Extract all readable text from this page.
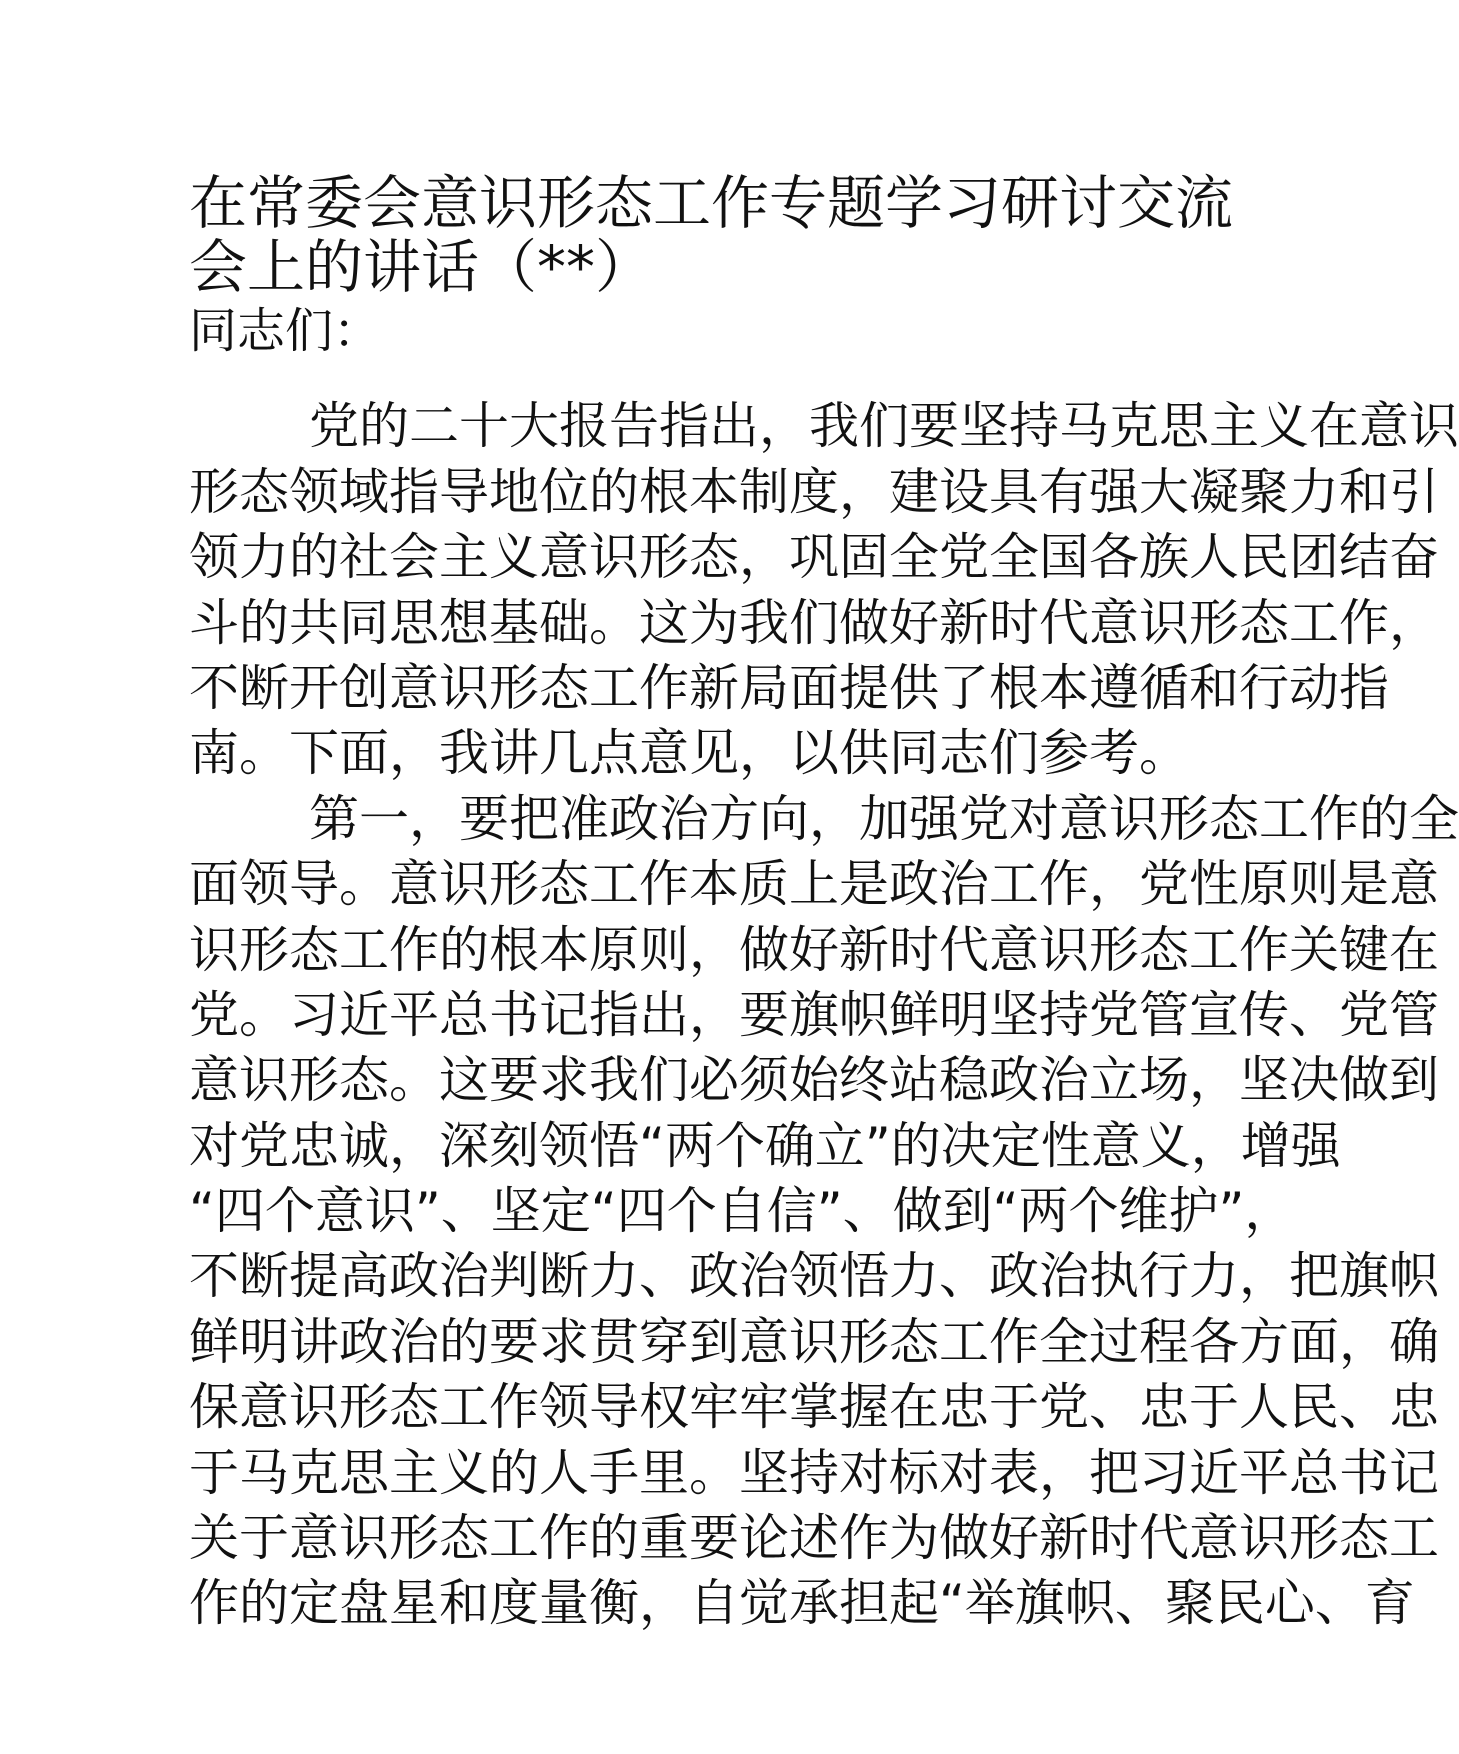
在常委会意识形态工作专题学习研讨交流
会上的讲话（**）
同志们：
党的二十大报告指出，我们要坚持马克思主义在意识
形态领域指导地位的根本制度，建设具有强大凝聚力和引
领力的社会主义意识形态，巩固全党全国各族人民团结奋
斗的共同思想基础。这为我们做好新时代意识形态工作，
不断开创意识形态工作新局面提供了根本遵循和行动指
南。下面，我讲几点意见，以供同志们参考。
第一，要把准政治方向，加强党对意识形态工作的全
面领导。意识形态工作本质上是政治工作，党性原则是意
识形态工作的根本原则，做好新时代意识形态工作关键在
党。习近平总书记指出，要旗帜鲜明坚持党管宣传、党管
意识形态。这要求我们必须始终站稳政治立场，坚决做到
对党忠诚，深刻领悟“两个确立”的决定性意义，增强
“四个意识”、坚定“四个自信”、做到“两个维护”，
不断提高政治判断力、政治领悟力、政治执行力，把旗帜
鲜明讲政治的要求贯穿到意识形态工作全过程各方面，确
保意识形态工作领导权牢牢掌握在忠于党、忠于人民、忠
于马克思主义的人手里。坚持对标对表，把习近平总书记
关于意识形态工作的重要论述作为做好新时代意识形态工
作的定盘星和度量衡，自觉承担起“举旗帜、聚民心、育
